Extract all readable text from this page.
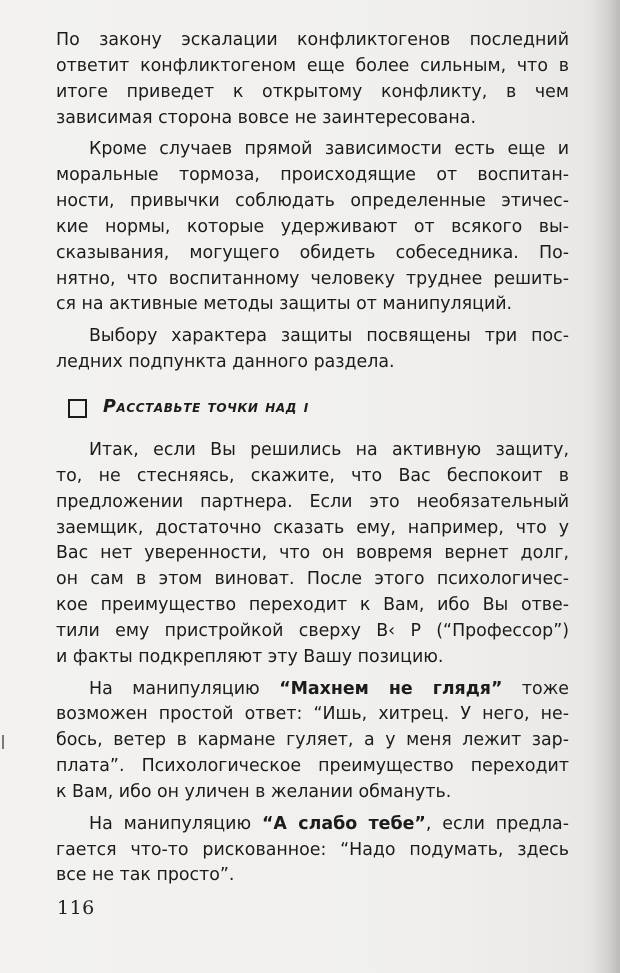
По закону эскалации конфликтогенов последний
ответит конфликтогеном еще более сильным, что в
итоге приведет к открытому конфликту, в чем
зависимая сторона вовсе не заинтересована.
Кроме случаев прямой зависимости есть еще и
моральные тормоза, происходящие от воспитан-
ности, привычки соблюдать определенные этичес-
кие нормы, которые удерживают от всякого вы-
сказывания, могущего обидеть собеседника. По-
нятно, что воспитанному человеку труднее решить-
ся на активные методы защиты от манипуляций.
Выбору характера защиты посвящены три пос-
ледних подпункта данного раздела.
Расставьте точки над i
Итак, если Вы решились на активную защиту,
то, не стесняясь, скажите, что Вас беспокоит в
предложении партнера. Если это необязательный
заемщик, достаточно сказать ему, например, что у
Вас нет уверенности, что он вовремя вернет долг,
он сам в этом виноват. После этого психологичес-
кое преимущество переходит к Вам, ибо Вы отве-
тили ему пристройкой сверху В‹ Р (“Профессор”)
и факты подкрепляют эту Вашу позицию.
На манипуляцию “Махнем не глядя” тоже
возможен простой ответ: “Ишь, хитрец. У него, не-
бось, ветер в кармане гуляет, а у меня лежит зар-
плата”. Психологическое преимущество переходит
к Вам, ибо он уличен в желании обмануть.
На манипуляцию “А слабо тебе”, если предла-
гается что-то рискованное: “Надо подумать, здесь
все не так просто”.
116
